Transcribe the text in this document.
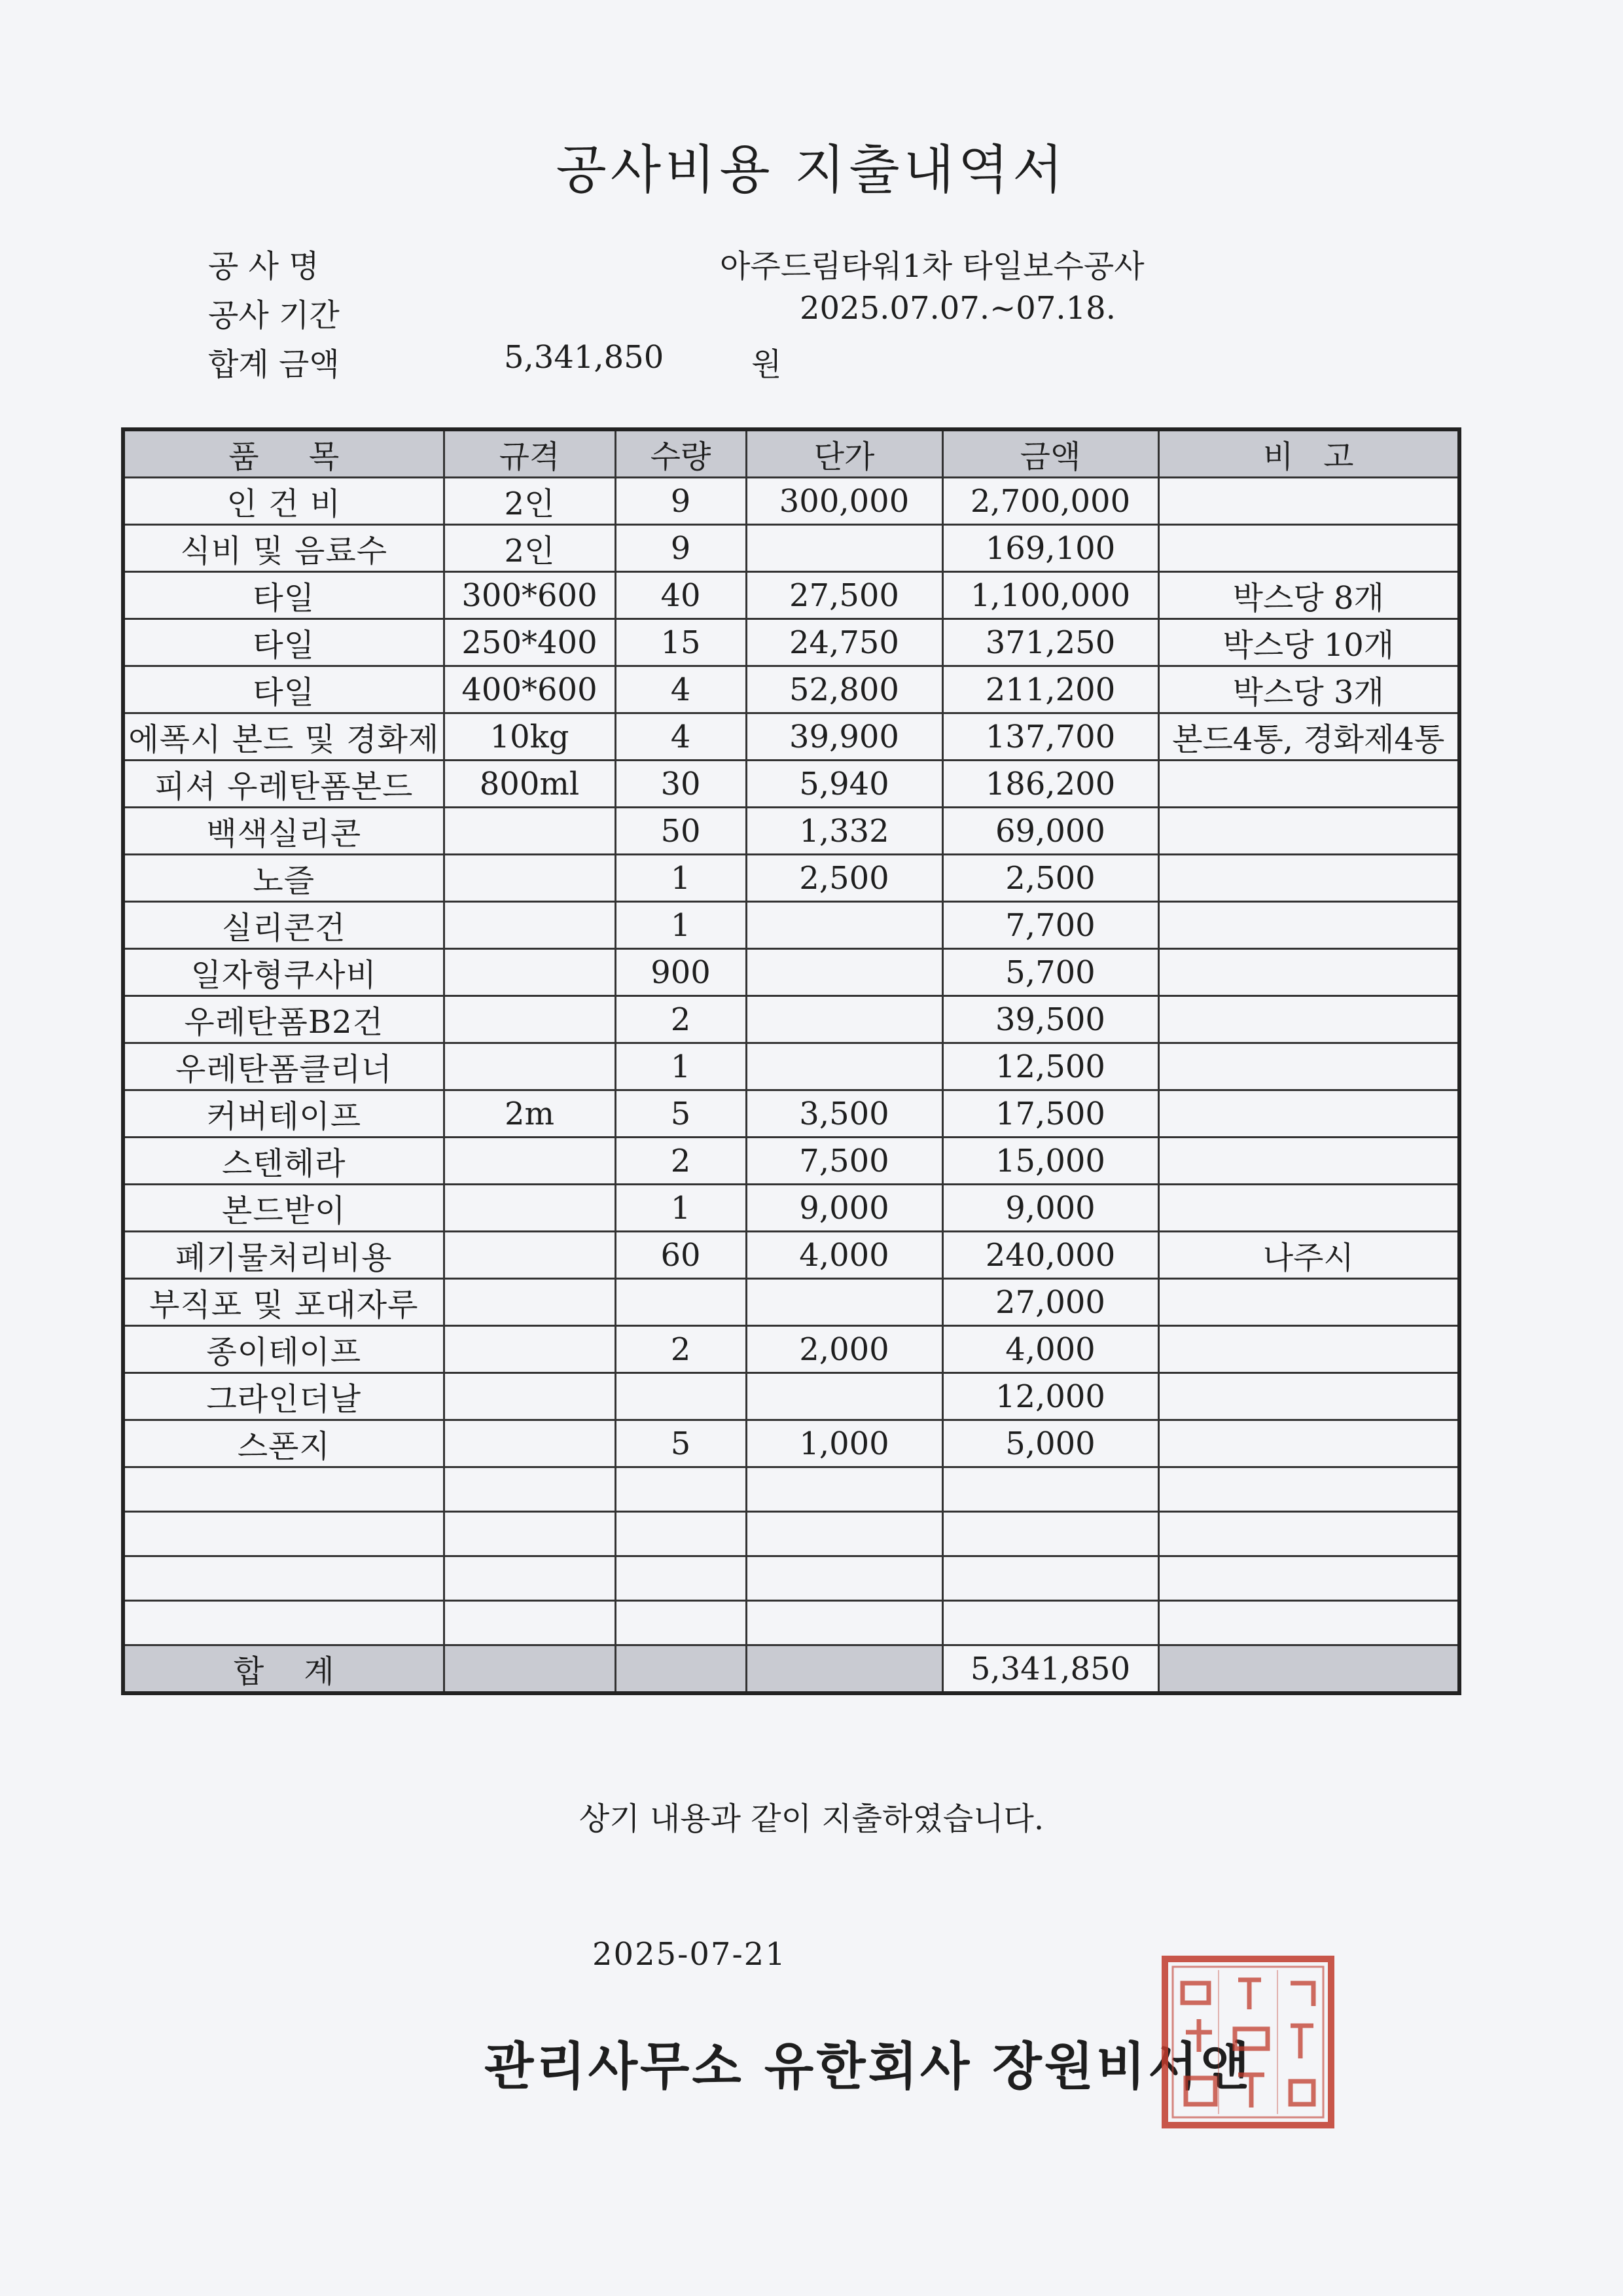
공사비용 지출내역서
공 사 명	아주드림타워1차 타일보수공사
공사 기간	2025.07.07.~07.18.
합계 금액	5,341,850	원
품     목	규격	수량	단가	금액	비   고
인 건 비	2인	9	300,000	2,700,000	
식비 및 음료수	2인	9		169,100	
타일	300*600	40	27,500	1,100,000	박스당 8개
타일	250*400	15	24,750	371,250	박스당 10개
타일	400*600	4	52,800	211,200	박스당 3개
에폭시 본드 및 경화제	10kg	4	39,900	137,700	본드4통, 경화제4통
피셔 우레탄폼본드	800ml	30	5,940	186,200	
백색실리콘		50	1,332	69,000	
노즐		1	2,500	2,500	
실리콘건		1		7,700	
일자형쿠사비		900		5,700	
우레탄폼B2건		2		39,500	
우레탄폼클리너		1		12,500	
커버테이프	2m	5	3,500	17,500	
스텐헤라		2	7,500	15,000	
본드받이		1	9,000	9,000	
폐기물처리비용		60	4,000	240,000	나주시
부직포 및 포대자루				27,000	
종이테이프		2	2,000	4,000	
그라인더날				12,000	
스폰지		5	1,000	5,000	

합    계				5,341,850	
상기 내용과 같이 지출하였습니다.
2025-07-21
관리사무소 유한회사 장원비서앤
